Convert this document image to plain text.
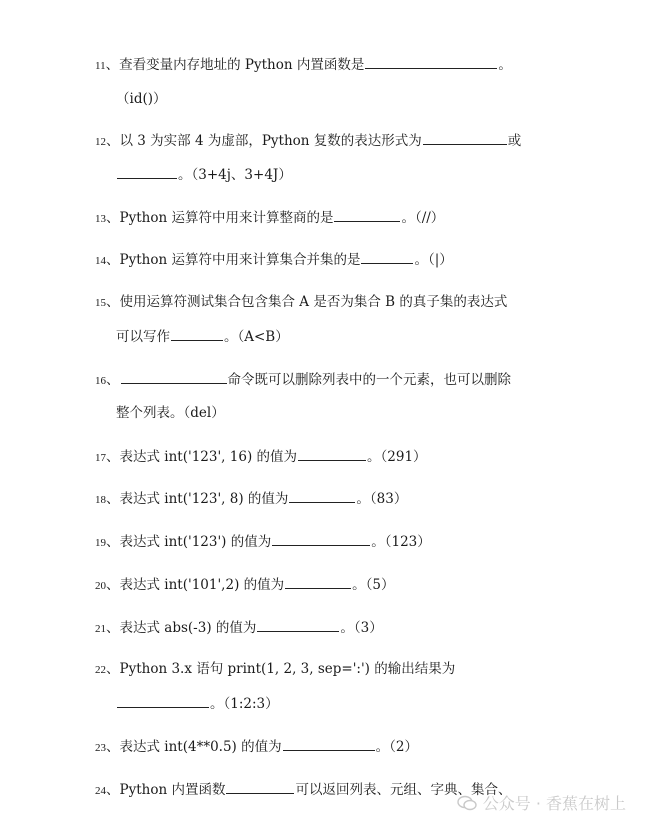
11、查看变量内存地址的 Python 内置函数是	。
（id()）
12、以 3 为实部 4 为虚部，Python 复数的表达形式为	或
。（3+4j、3+4J）
13、Python 运算符中用来计算整商的是	。（//）
14、Python 运算符中用来计算集合并集的是	。（|）
15、使用运算符测试集合包含集合 A 是否为集合 B 的真子集的表达式
可以写作	。（A<B）
16、	命令既可以删除列表中的一个元素，也可以删除
整个列表。（del）
17、表达式 int('123', 16) 的值为	。（291）
18、表达式 int('123', 8) 的值为	。（83）
19、表达式 int('123') 的值为	。（123）
20、表达式 int('101',2) 的值为	。（5）
21、表达式 abs(-3) 的值为	。（3）
22、Python 3.x 语句 print(1, 2, 3, sep=':') 的输出结果为
。（1:2:3）
23、表达式 int(4**0.5) 的值为	。（2）
24、Python 内置函数	可以返回列表、元组、字典、集合、
公众号 · 香蕉在树上
